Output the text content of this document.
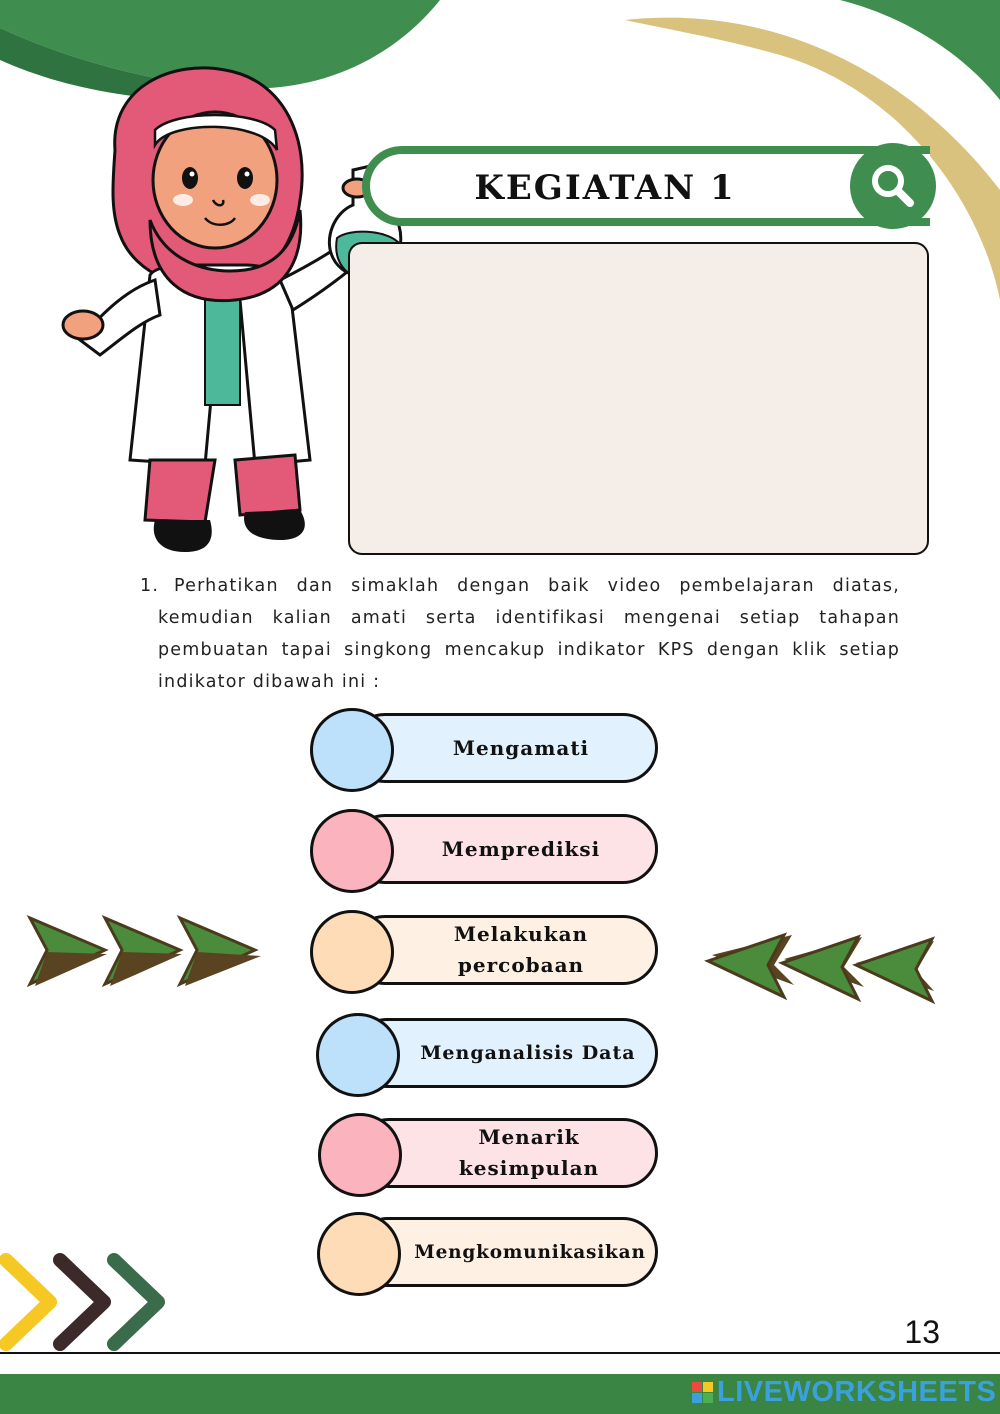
KEGIATAN 1
1. Perhatikan dan simaklah dengan baik video pembelajaran diatas, kemudian kalian amati serta identifikasi mengenai setiap tahapan pembuatan tapai singkong mencakup indikator KPS dengan klik setiap indikator dibawah ini :
Mengamati
Memprediksi
Melakukan percobaan
Menganalisis Data
Menarik kesimpulan
Mengkomunikasikan
13
LIVEWORKSHEETS
